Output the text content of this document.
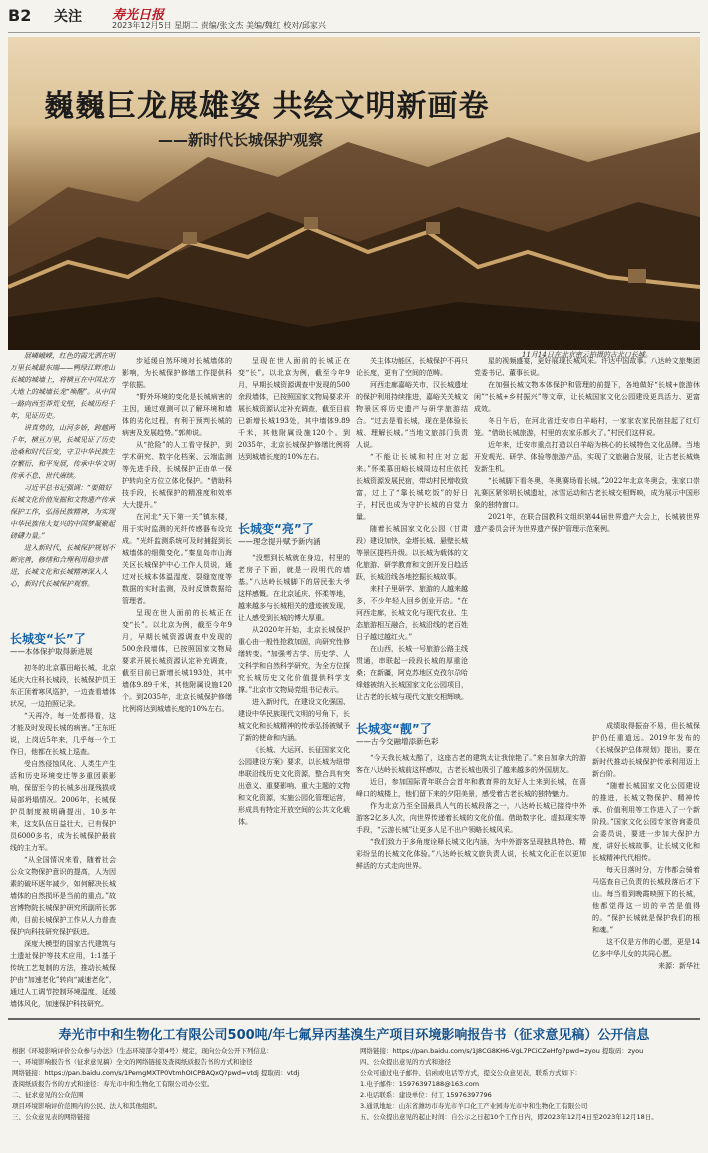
B2 关注 寿光日报
2023年12月5日 星期二 责编/张文杰 美编/魏红 校对/邱家兴
巍巍巨龙展雄姿 共绘文明新画卷
——新时代长城保护观察
11月14日在北京密云拍摄的古北口长城。

展嶙峨嵘，红色的霞光洒在明万里长城最东端——鸭绿江畔虎山长城的城墙上，将横亘在中国北方大地上的城墙长龙“唤醒”。从中国一路向西至莽荒戈壁，长城历经千年，见证历史。

讲真势的，山河多娇，跨越两千年，横亘万里，长城见证了历史沧桑和时代巨变，守卫中华民族生存繁衍、和平发展，传承中华文明传承不息、世代赓续。

习近平总书记强调：“要做好长城文化价值发掘和文物遗产传承保护工作，弘扬民族精神，为实现中华民族伟大复兴的中国梦凝聚起磅礴力量。”

进入新时代，长城保护规划不断完善，修缮和合理利用稳步推进，长城文化和长城精神深入人心，新时代长城保护观察。

长城变“长”了
——本体保护取得新进展

初冬的北京慕田峪长城，北京延庆大庄科长城段，长城保护员王东正顶着寒风巡护，一边查看墙体状况，一边拍照记录。

“天再冷，每一处都得看，这才能及时发现长城的病害。”王东旺说，上岗近5年来，几乎每一个工作日，他都在长城上巡查。

受自然侵蚀风化、人类生产生活和历史环境变迁等多重因素影响，保留至今的长城多出现残损或局部坍塌情况。2006年，长城保护员制度被明确提出，10多年来，这支队伍日益壮大，已有保护员6000多名，成为长城保护最前线的主力军。

“从全国情况来看，随着社会公众文物保护意识的提高，人为因素的破坏逐年减少，如何解决长城墙体的自然损坏是当前的重点。”故宫博物院长城保护研究所副所长郭帅，目前长城保护工作从人力普查保护向科技研究保护跃进。

深度大模型的国家古代建筑与土遗址保护等技术应用，1:1基于传统工艺复制的方法，推动长城保护由“加速老化”转向“减速老化”，通过人工调节控制环境温度，延缓墙体风化，加速保护科技研究。

步延缓自然环境对长城墙体的影响，为长城保护修缮工作提供科学依据。

“野外环境的变化是长城病害的主因，通过观测可以了解环境和墙体的劣化过程，有利于预判长城的病害及发展趋势。”郭帅说。

从“抢险”的人工看守保护，到学术研究、数字化档案、云端监测等先进手段，长城保护正由单一保护转向全方位立体化保护。“借助科技手段，长城保护的精准度和效率大大提升。”

在河北“天下第一关”镇东楼，用于实时监测的光纤传感器布设完成。“光纤监测系统可及时捕捉到长城墙体的细微变化。”秦皇岛市山海关区长城保护中心工作人员说，通过对长城本体温湿度、裂缝宽度等数据的实时监测，及时反馈数据给管理者。

呈现在世人面前的长城正在变“长”。以北京为例，截至今年9月，早期长城资源调查中发现的500余段墙体，已按照国家文物局要求开展长城资源认定补充调查，截至目前已新增长城193处，其中墙体9.89千米，其他附属设施120个。到2035年，北京长城保护修缮比例将达到城墙长度的10%左右。

呈现在世人面前的长城正在变“长”。以北京为例，截至今年9月，早期长城资源调查中发现的500余段墙体，已按照国家文物局要求开展长城资源认定补充调查，截至目前已新增长城193处，其中墙体9.89千米，其他附属设施120个。到2035年，北京长城保护修缮比例将达到城墙长度的10%左右。

长城变“亮”了
——理念提升赋予新内涵

“没想到长城就在身边，村里的老房子下面，就是一段明代的墙基。”八达岭长城脚下的居民张大爷这样感慨。在北京延庆、怀柔等地，越来越多与长城相关的遗迹被发现，让人感受到长城的博大厚重。

从2020年开始，北京长城保护重心由一般性抢救加固，向研究性修缮转变。“加强考古学、历史学、人文科学和自然科学研究，为全方位探究长城历史文化价值提供科学支撑。”北京市文物局党组书记表示。

进入新时代，在建设文化强国、建设中华民族现代文明的号角下，长城文化和长城精神的传承弘扬被赋予了新的使命和内涵。

《长城、大运河、长征国家文化公园建设方案》要求，以长城为纽带串联沿线历史文化资源，整合具有突出意义、重要影响、重大主题的文物和文化资源，实施公园化管理运营，形成具有特定开放空间的公共文化载体。

关主体功能区，长城保护不再只论长度，更有了空间的范畴。

河西走廊嘉峪关市，汉长城遗址的保护利用持续推进，嘉峪关关城文物景区将历史遗产与研学旅游结合。“过去是看长城，现在是体验长城、理解长城。”当地文旅部门负责人说。

“不能让长城和村庄对立起来。”怀柔慕田峪长城周边村庄依托长城资源发展民宿，带动村民增收致富，过上了“靠长城吃饭”的好日子，村民也成为守护长城的自觉力量。

随着长城国家文化公园（甘肃段）建设加快，金塔长城、悬壁长城等景区提档升级。以长城为载体的文化旅游、研学教育和文创开发日趋活跃，长城沿线各地挖掘长城故事。

来村子里研学、旅游的人越来越多，不少年轻人回乡创业开店。“在河西走廊，长城文化与现代农业、生态旅游相互融合，长城沿线的老百姓日子越过越红火。”

在山西，长城一号旅游公路主线贯通，串联起一段段长城的厚重沧桑；在新疆，阿克苏地区克孜尔尕哈烽燧被纳入长城国家文化公园项目，让古老的长城与现代文旅交相辉映。

长城变“靓”了
——古今交融增添新色彩

“今天我长城太酷了，这座古老的建筑太让我惊艳了。”来自加拿大的游客在八达岭长城前这样感叹，古老长城也吸引了越来越多的外国朋友。

近日，参加国际青年联合会首年和教育界的友好人士来到长城，在喜峰口的城楼上，他们留下来的夕阳美景，感受着古老长城的独特魅力。

作为北京乃至全国最具人气的长城段落之一，八达岭长城已接待中外游客2亿多人次，向世界传递着长城的文化价值。借助数字化、虚拟现实等手段，“云游长城”让更多人足不出户领略长城风采。

“我们致力于多角度诠释长城文化内涵，为中外游客呈现独具特色、精彩纷呈的长城文化体验。”八达岭长城文旅负责人说，长城文化正在以更加鲜活的方式走向世界。

星的视频盛宴，更好展现长城风采。许达中国故事。八达岭文旅集团党委书记、董事长说。

在加强长城文物本体保护和管理的前提下，各地做好“长城+旅游休闲”“长城+乡村振兴”等文章，让长城国家文化公园建设更具活力、更富成效。

冬日午后，在河北省迁安市白羊峪村，一家家农家民宿挂起了红灯笼。“借助长城旅游，村里的农家乐都火了。”村民们这样说。

近年来，迁安市重点打造以白羊峪为核心的长城特色文化品牌。当地开发观光、研学、体验等旅游产品，实现了文旅融合发展，让古老长城焕发新生机。

“长城脚下看冬奥，冬奥赛场看长城。”2022年北京冬奥会，张家口崇礼赛区紧邻明长城遗址，冰雪运动和古老长城交相辉映，成为展示中国形象的独特窗口。

2021年，在联合国教科文组织第44届世界遗产大会上，长城被世界遗产委员会评为世界遗产保护管理示范案例。

成绩取得振奋不易，但长城保护仍任重道远。2019年发布的《长城保护总体规划》提出，要在新时代推动长城保护传承利用迈上新台阶。

“随着长城国家文化公园建设的推进，长城文物保护、精神传承、价值利用等工作进入了一个新阶段。”国家文化公园专家咨询委员会委员说，要进一步加大保护力度，讲好长城故事，让长城文化和长城精神代代相传。

每天日落时分，方伟都会骑着马巡查自己负责的长城段落后才下山。每当看到晚霞映照下的长城，他都觉得这一切的辛苦是值得的。“保护长城就是保护我们的根和魂。”

这不仅是方伟的心愿，更是14亿多中华儿女的共同心愿。

来源：新华社

寿光市中和生物化工有限公司500吨/年七氟异丙基溴生产项目环境影响报告书（征求意见稿）公开信息
根据《环境影响评价公众参与办法》（生态环境部令第4号）规定，现向公众公开下列信息：
一、环境影响报告书（征求意见稿）全文的网络链接及查阅纸质报告书的方式和途径
网络链接：https://pan.baidu.com/s/1PemgMXTP0VtmhOICPBAQxQ?pwd=vtdj 提取码：vtdj
查阅纸质报告书的方式和途径：寿光市中和生物化工有限公司办公室。
二、征求意见的公众范围
项目环境影响评价范围内的公民、法人和其他组织。
三、公众意见表的网络链接
网络链接：https://pan.baidu.com/s/1J8CG8KH6-VgL7PCiCZeHfg?pwd=zyou 提取码：zyou
四、公众提出意见的方式和途径
公众可通过电子邮件、信函或电话等方式，提交公众意见表，联系方式如下：
1.电子邮件：15976397188@163.com
2.电话联系：建设单位：付工 15976397796
3.通讯地址：山东省潍坊市寿光市羊口化工产业园寿光市中和生物化工有限公司
五、公众提出意见的起止时间：自公示之日起10个工作日内，即2023年12月4日至2023年12月18日。
